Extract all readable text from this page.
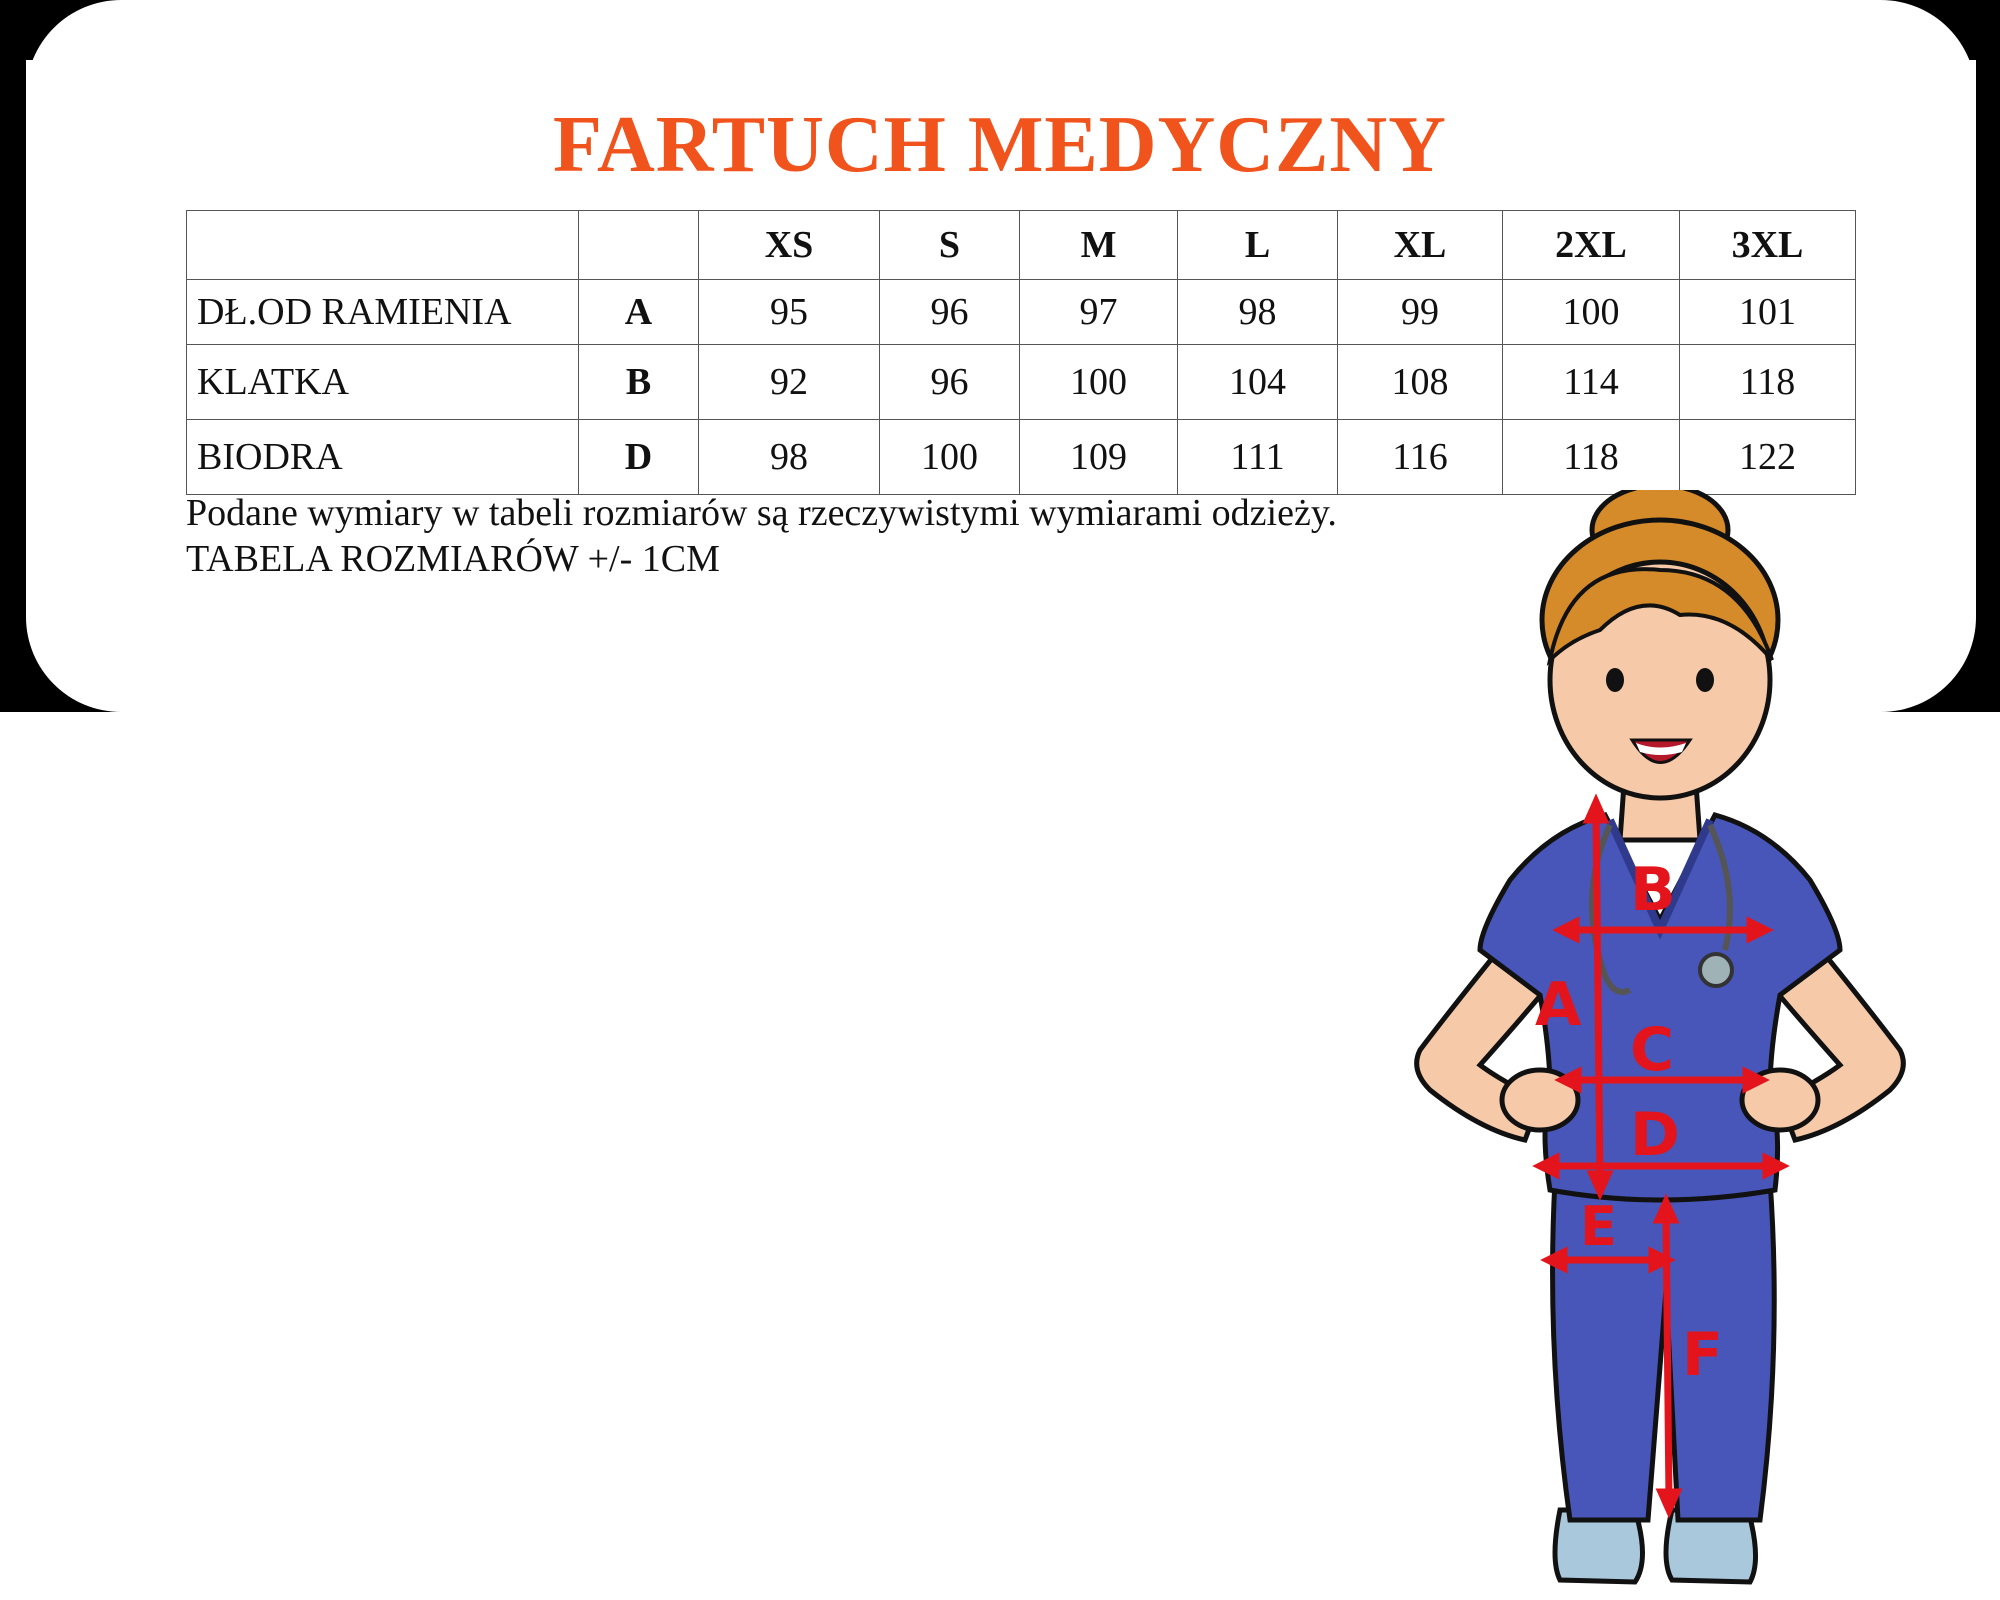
FARTUCH MEDYCZNY
		XS	S	M	L	XL	2XL	3XL
DŁ.OD RAMIENIA	A	95	96	97	98	99	100	101
KLATKA	B	92	96	100	104	108	114	118
BIODRA	D	98	100	109	111	116	118	122
Podane wymiary w tabeli rozmiarów są rzeczywistymi wymiarami odzieży.
TABELA ROZMIARÓW +/- 1CM
A
B
C
D
E
F
